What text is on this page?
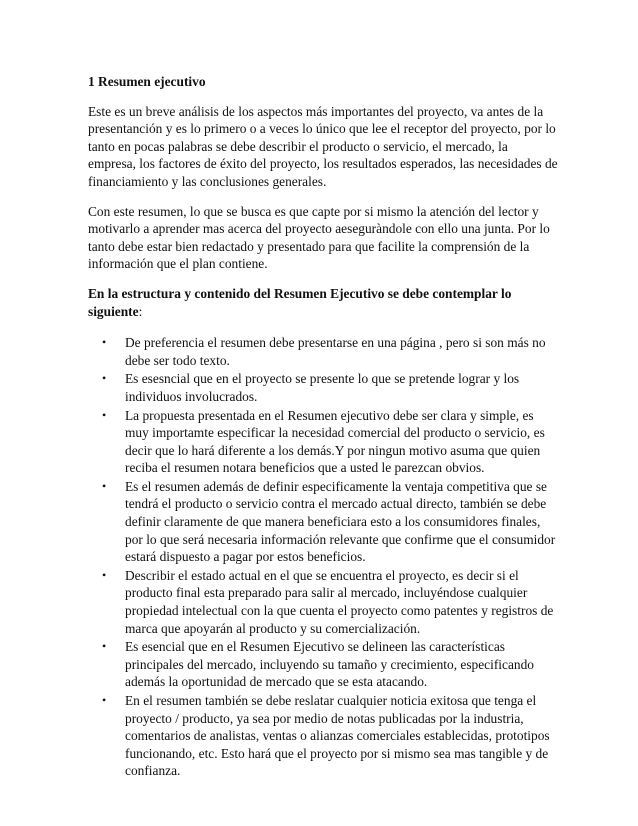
1 Resumen ejecutivo

Este es un breve análisis de los aspectos más importantes del proyecto, va antes de la presentanción y es lo primero o a veces lo único que lee el receptor del proyecto, por lo tanto en pocas palabras se debe describir el producto o servicio, el mercado, la empresa, los factores de éxito del proyecto, los resultados esperados, las necesidades de financiamiento y las conclusiones generales.

Con este resumen, lo que se busca es que capte por si mismo la atención del lector y motivarlo a aprender mas acerca del proyecto aeseguràndole con ello una junta. Por lo tanto debe estar bien redactado y presentado para que facilite la comprensión de la información que el plan contiene.

En la estructura y contenido del Resumen Ejecutivo se debe contemplar lo siguiente:
• De preferencia el resumen debe presentarse en una página , pero si son más no debe ser todo texto.
• Es esesncial que en el proyecto se presente lo que se pretende lograr y los individuos involucrados.
• La propuesta presentada en el Resumen ejecutivo debe ser clara y simple, es muy importamte especificar la necesidad comercial del producto o servicio, es decir que lo hará diferente a los demás.Y por ningun motivo asuma que quien reciba el resumen notara beneficios que a usted le parezcan obvios.
• Es el resumen además de definir especificamente la ventaja competitiva que se tendrá el producto o servicio contra el mercado actual directo, también se debe definir claramente de que manera beneficiara esto a los consumidores finales, por lo que será necesaria información relevante que confirme que el consumidor estará dispuesto a pagar por estos beneficios.
• Describir el estado actual en el que se encuentra el proyecto, es decir si el producto final esta preparado para salir al mercado, incluyéndose cualquier propiedad intelectual con la que cuenta el proyecto como patentes y registros de marca que apoyarán al producto y su comercialización.
• Es esencial que en el Resumen Ejecutivo se delineen las características principales del mercado, incluyendo su tamaño y crecimiento, especificando además la oportunidad de mercado que se esta atacando.
• En el resumen también se debe reslatar cualquier noticia exitosa que tenga el proyecto / producto, ya sea por medio de notas publicadas por la industria, comentarios de analistas, ventas o alianzas comerciales establecidas, prototipos funcionando, etc. Esto hará que el proyecto por si mismo sea mas tangible y de confianza.
